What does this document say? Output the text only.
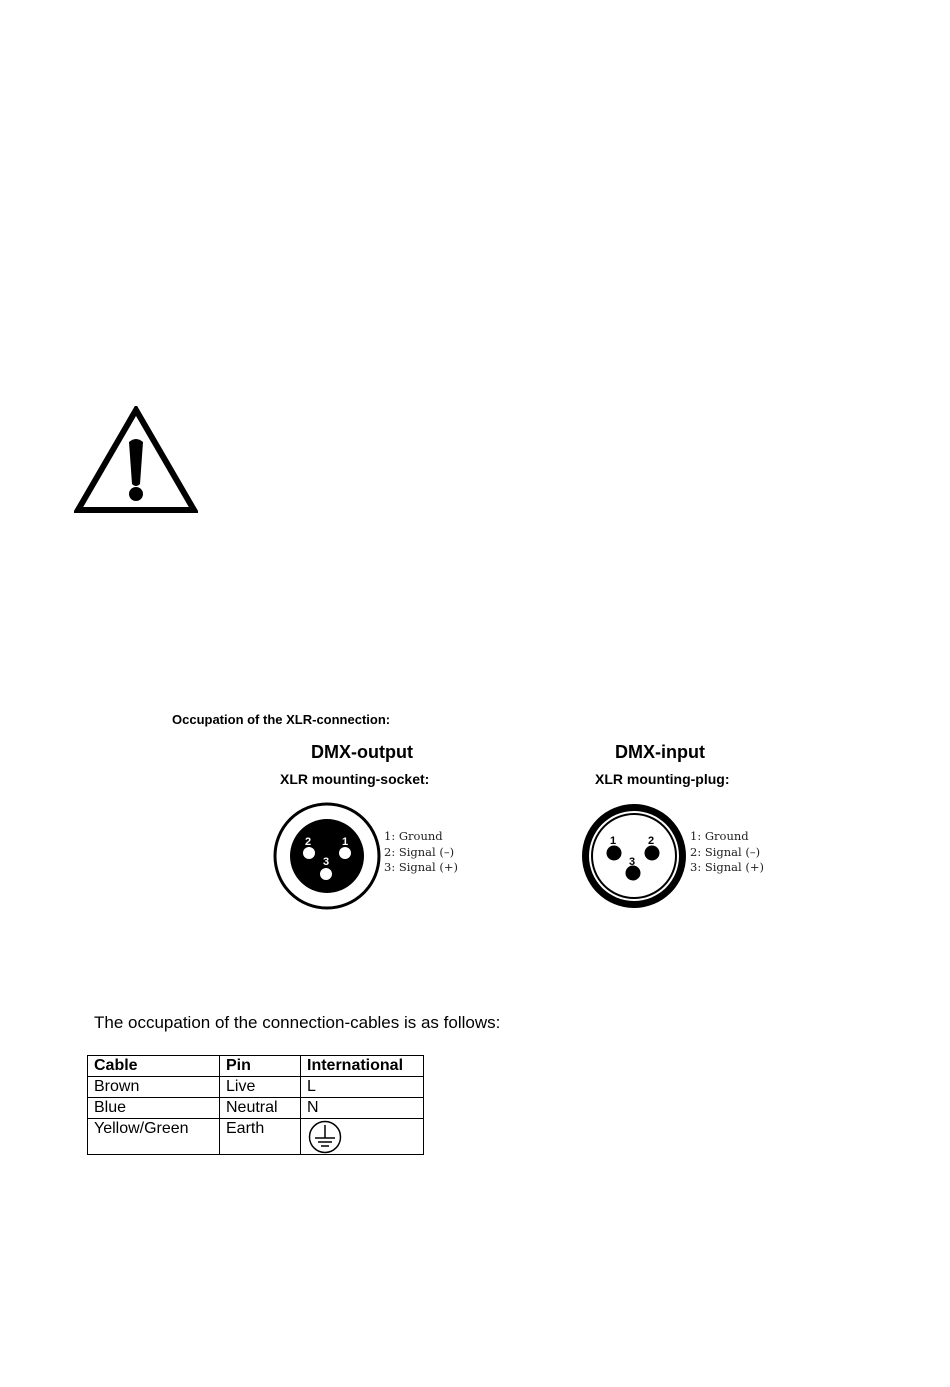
Occupation of the XLR-connection:
DMX-output
XLR mounting-socket:
DMX-input
XLR mounting-plug:
2	1
3
1: Ground
2: Signal (–)
3: Signal (+)
1	2
3
1: Ground
2: Signal (–)
3: Signal (+)
The occupation of the connection-cables is as follows:
Cable	Pin	International
Brown	Live	L
Blue	Neutral	N
Yellow/Green	Earth	
